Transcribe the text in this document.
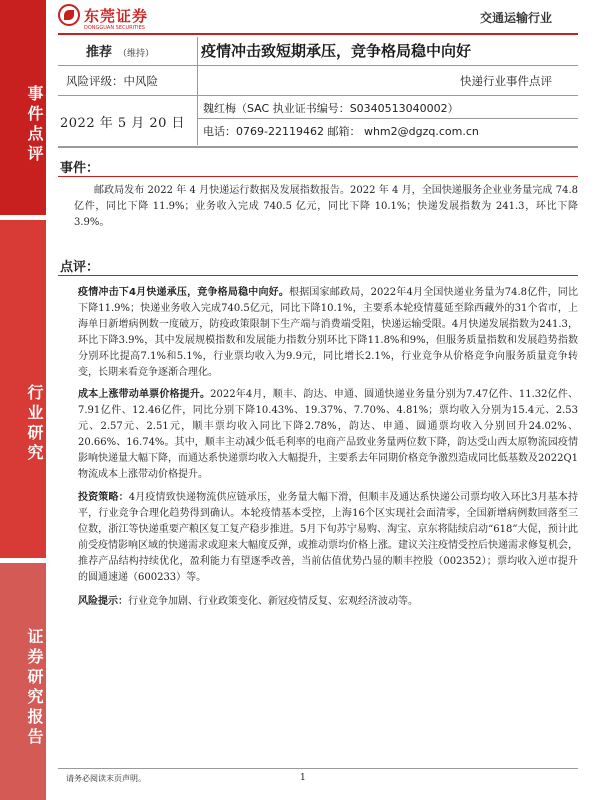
事件点评
行业研究
证券研究报告
东莞证券
DONGGUAN SECURITIES
交通运输行业
推荐 （维持）	疫情冲击致短期承压，竞争格局稳中向好
风险评级：中风险	快递行业事件点评
2022 年 5 月 20 日
魏红梅（SAC 执业证书编号：S0340513040002）
电话：0769-22119462 邮箱： whm2@dgzq.com.cn
事件：
邮政局发布 2022 年 4 月快递运行数据及发展指数报告。2022 年 4 月，全国快递服务企业业务量完成 74.8 亿件，同比下降 11.9%；业务收入完成 740.5 亿元，同比下降 10.1%；快递发展指数为 241.3，环比下降 3.9%。
点评：
疫情冲击下4月快递承压，竞争格局稳中向好。根据国家邮政局，2022年4月全国快递业务量为74.8亿件，同比下降11.9%；快递业务收入完成740.5亿元，同比下降10.1%，主要系本轮疫情蔓延至除西藏外的31个省市，上海单日新增病例数一度破万，防疫政策限制下生产端与消费端受阻，快递运输受限。4月快递发展指数为241.3，环比下降3.9%，其中发展规模指数和发展能力指数分别环比下降11.8%和9%，但服务质量指数和发展趋势指数分别环比提高7.1%和5.1%，行业票均收入为9.9元，同比增长2.1%，行业竞争从价格竞争向服务质量竞争转变，长期来看竞争逐渐合理化。
成本上涨带动单票价格提升。2022年4月，顺丰、韵达、申通、圆通快递业务量分别为7.47亿件、11.32亿件、7.91亿件、12.46亿件，同比分别下降10.43%、19.37%、7.70%、4.81%；票均收入分别为15.4元、2.53元、2.57元、2.51元，顺丰票均收入同比下降2.78%，韵达、申通、圆通票均收入分别回升24.02%、20.66%、16.74%。其中，顺丰主动减少低毛利率的电商产品致业务量两位数下降，韵达受山西太原物流园疫情影响快递量大幅下降，而通达系快递票均收入大幅提升，主要系去年同期价格竞争激烈造成同比低基数及2022Q1物流成本上涨带动价格提升。
投资策略：4月疫情致快递物流供应链承压，业务量大幅下滑，但顺丰及通达系快递公司票均收入环比3月基本持平，行业竞争合理化趋势得到确认。本轮疫情基本受控，上海16个区实现社会面清零，全国新增病例数回落至三位数，浙江等快递重要产粮区复工复产稳步推进。5月下旬苏宁易购、淘宝、京东将陆续启动“618”大促，预计此前受疫情影响区域的快递需求或迎来大幅度反弹，或推动票均价格上涨。建议关注疫情受控后快递需求修复机会，推荐产品结构持续优化，盈利能力有望逐季改善，当前估值优势凸显的顺丰控股（002352）；票均收入逆市提升的圆通速递（600233）等。
风险提示：行业竞争加剧、行业政策变化、新冠疫情反复、宏观经济波动等。
请务必阅读末页声明。	1
